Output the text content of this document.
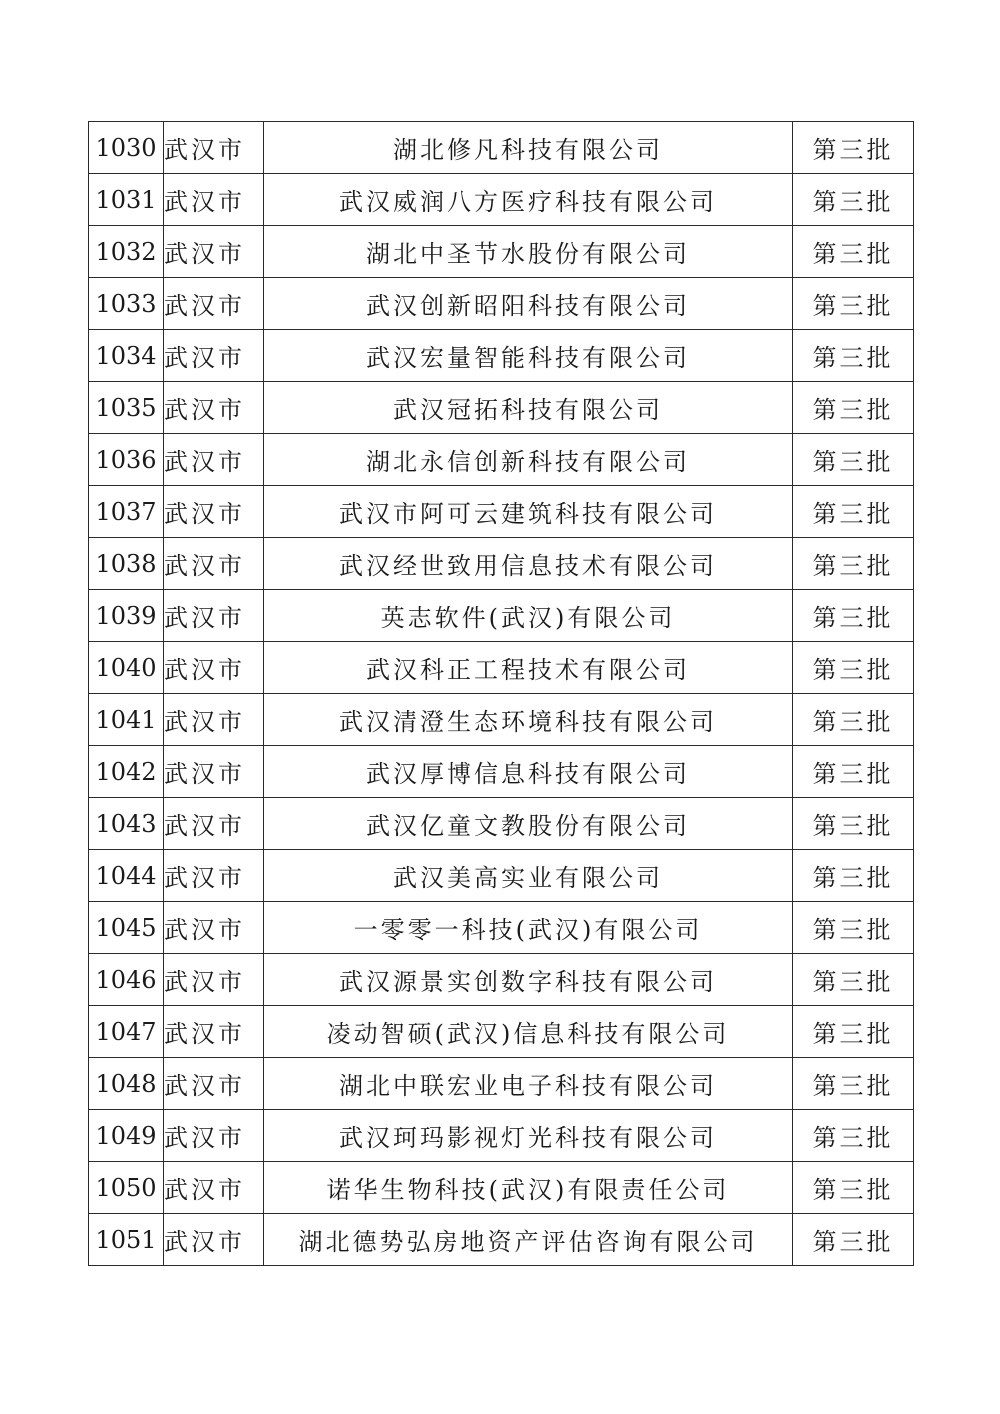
1030	武汉市	湖北修凡科技有限公司	第三批
1031	武汉市	武汉威润八方医疗科技有限公司	第三批
1032	武汉市	湖北中圣节水股份有限公司	第三批
1033	武汉市	武汉创新昭阳科技有限公司	第三批
1034	武汉市	武汉宏量智能科技有限公司	第三批
1035	武汉市	武汉冠拓科技有限公司	第三批
1036	武汉市	湖北永信创新科技有限公司	第三批
1037	武汉市	武汉市阿可云建筑科技有限公司	第三批
1038	武汉市	武汉经世致用信息技术有限公司	第三批
1039	武汉市	英志软件(武汉)有限公司	第三批
1040	武汉市	武汉科正工程技术有限公司	第三批
1041	武汉市	武汉清澄生态环境科技有限公司	第三批
1042	武汉市	武汉厚博信息科技有限公司	第三批
1043	武汉市	武汉亿童文教股份有限公司	第三批
1044	武汉市	武汉美高实业有限公司	第三批
1045	武汉市	一零零一科技(武汉)有限公司	第三批
1046	武汉市	武汉源景实创数字科技有限公司	第三批
1047	武汉市	凌动智硕(武汉)信息科技有限公司	第三批
1048	武汉市	湖北中联宏业电子科技有限公司	第三批
1049	武汉市	武汉珂玛影视灯光科技有限公司	第三批
1050	武汉市	诺华生物科技(武汉)有限责任公司	第三批
1051	武汉市	湖北德势弘房地资产评估咨询有限公司	第三批
